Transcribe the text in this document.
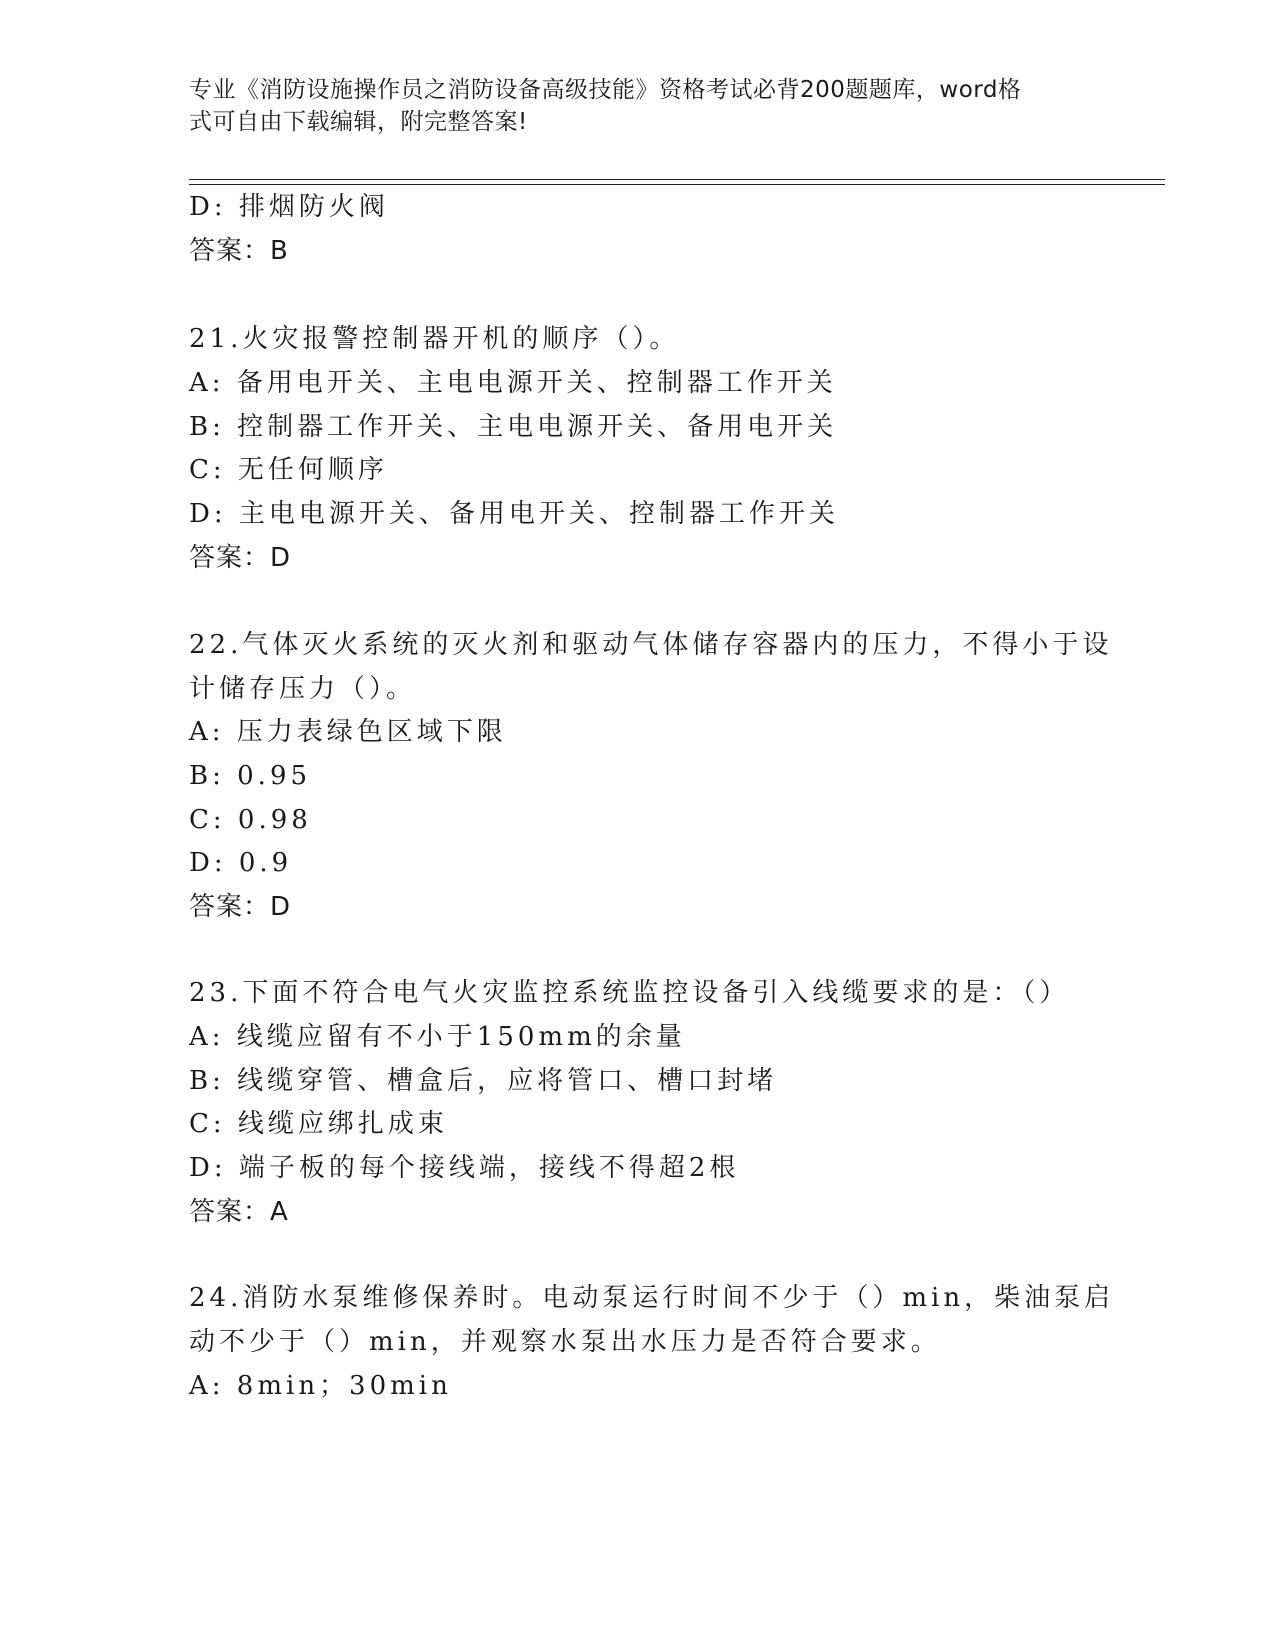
专业《消防设施操作员之消防设备高级技能》资格考试必背200题题库，word格
式可自由下载编辑，附完整答案!
D: 排烟防火阀
答案：B
21.火灾报警控制器开机的顺序（）。
A: 备用电开关、主电电源开关、控制器工作开关
B: 控制器工作开关、主电电源开关、备用电开关
C: 无任何顺序
D: 主电电源开关、备用电开关、控制器工作开关
答案：D
22.气体灭火系统的灭火剂和驱动气体储存容器内的压力，不得小于设
计储存压力（）。
A: 压力表绿色区域下限
B: 0.95
C: 0.98
D: 0.9
答案：D
23.下面不符合电气火灾监控系统监控设备引入线缆要求的是：（）
A: 线缆应留有不小于150mm的余量
B: 线缆穿管、槽盒后，应将管口、槽口封堵
C: 线缆应绑扎成束
D: 端子板的每个接线端，接线不得超2根
答案：A
24.消防水泵维修保养时。电动泵运行时间不少于（）min，柴油泵启
动不少于（）min，并观察水泵出水压力是否符合要求。
A: 8min；30min
